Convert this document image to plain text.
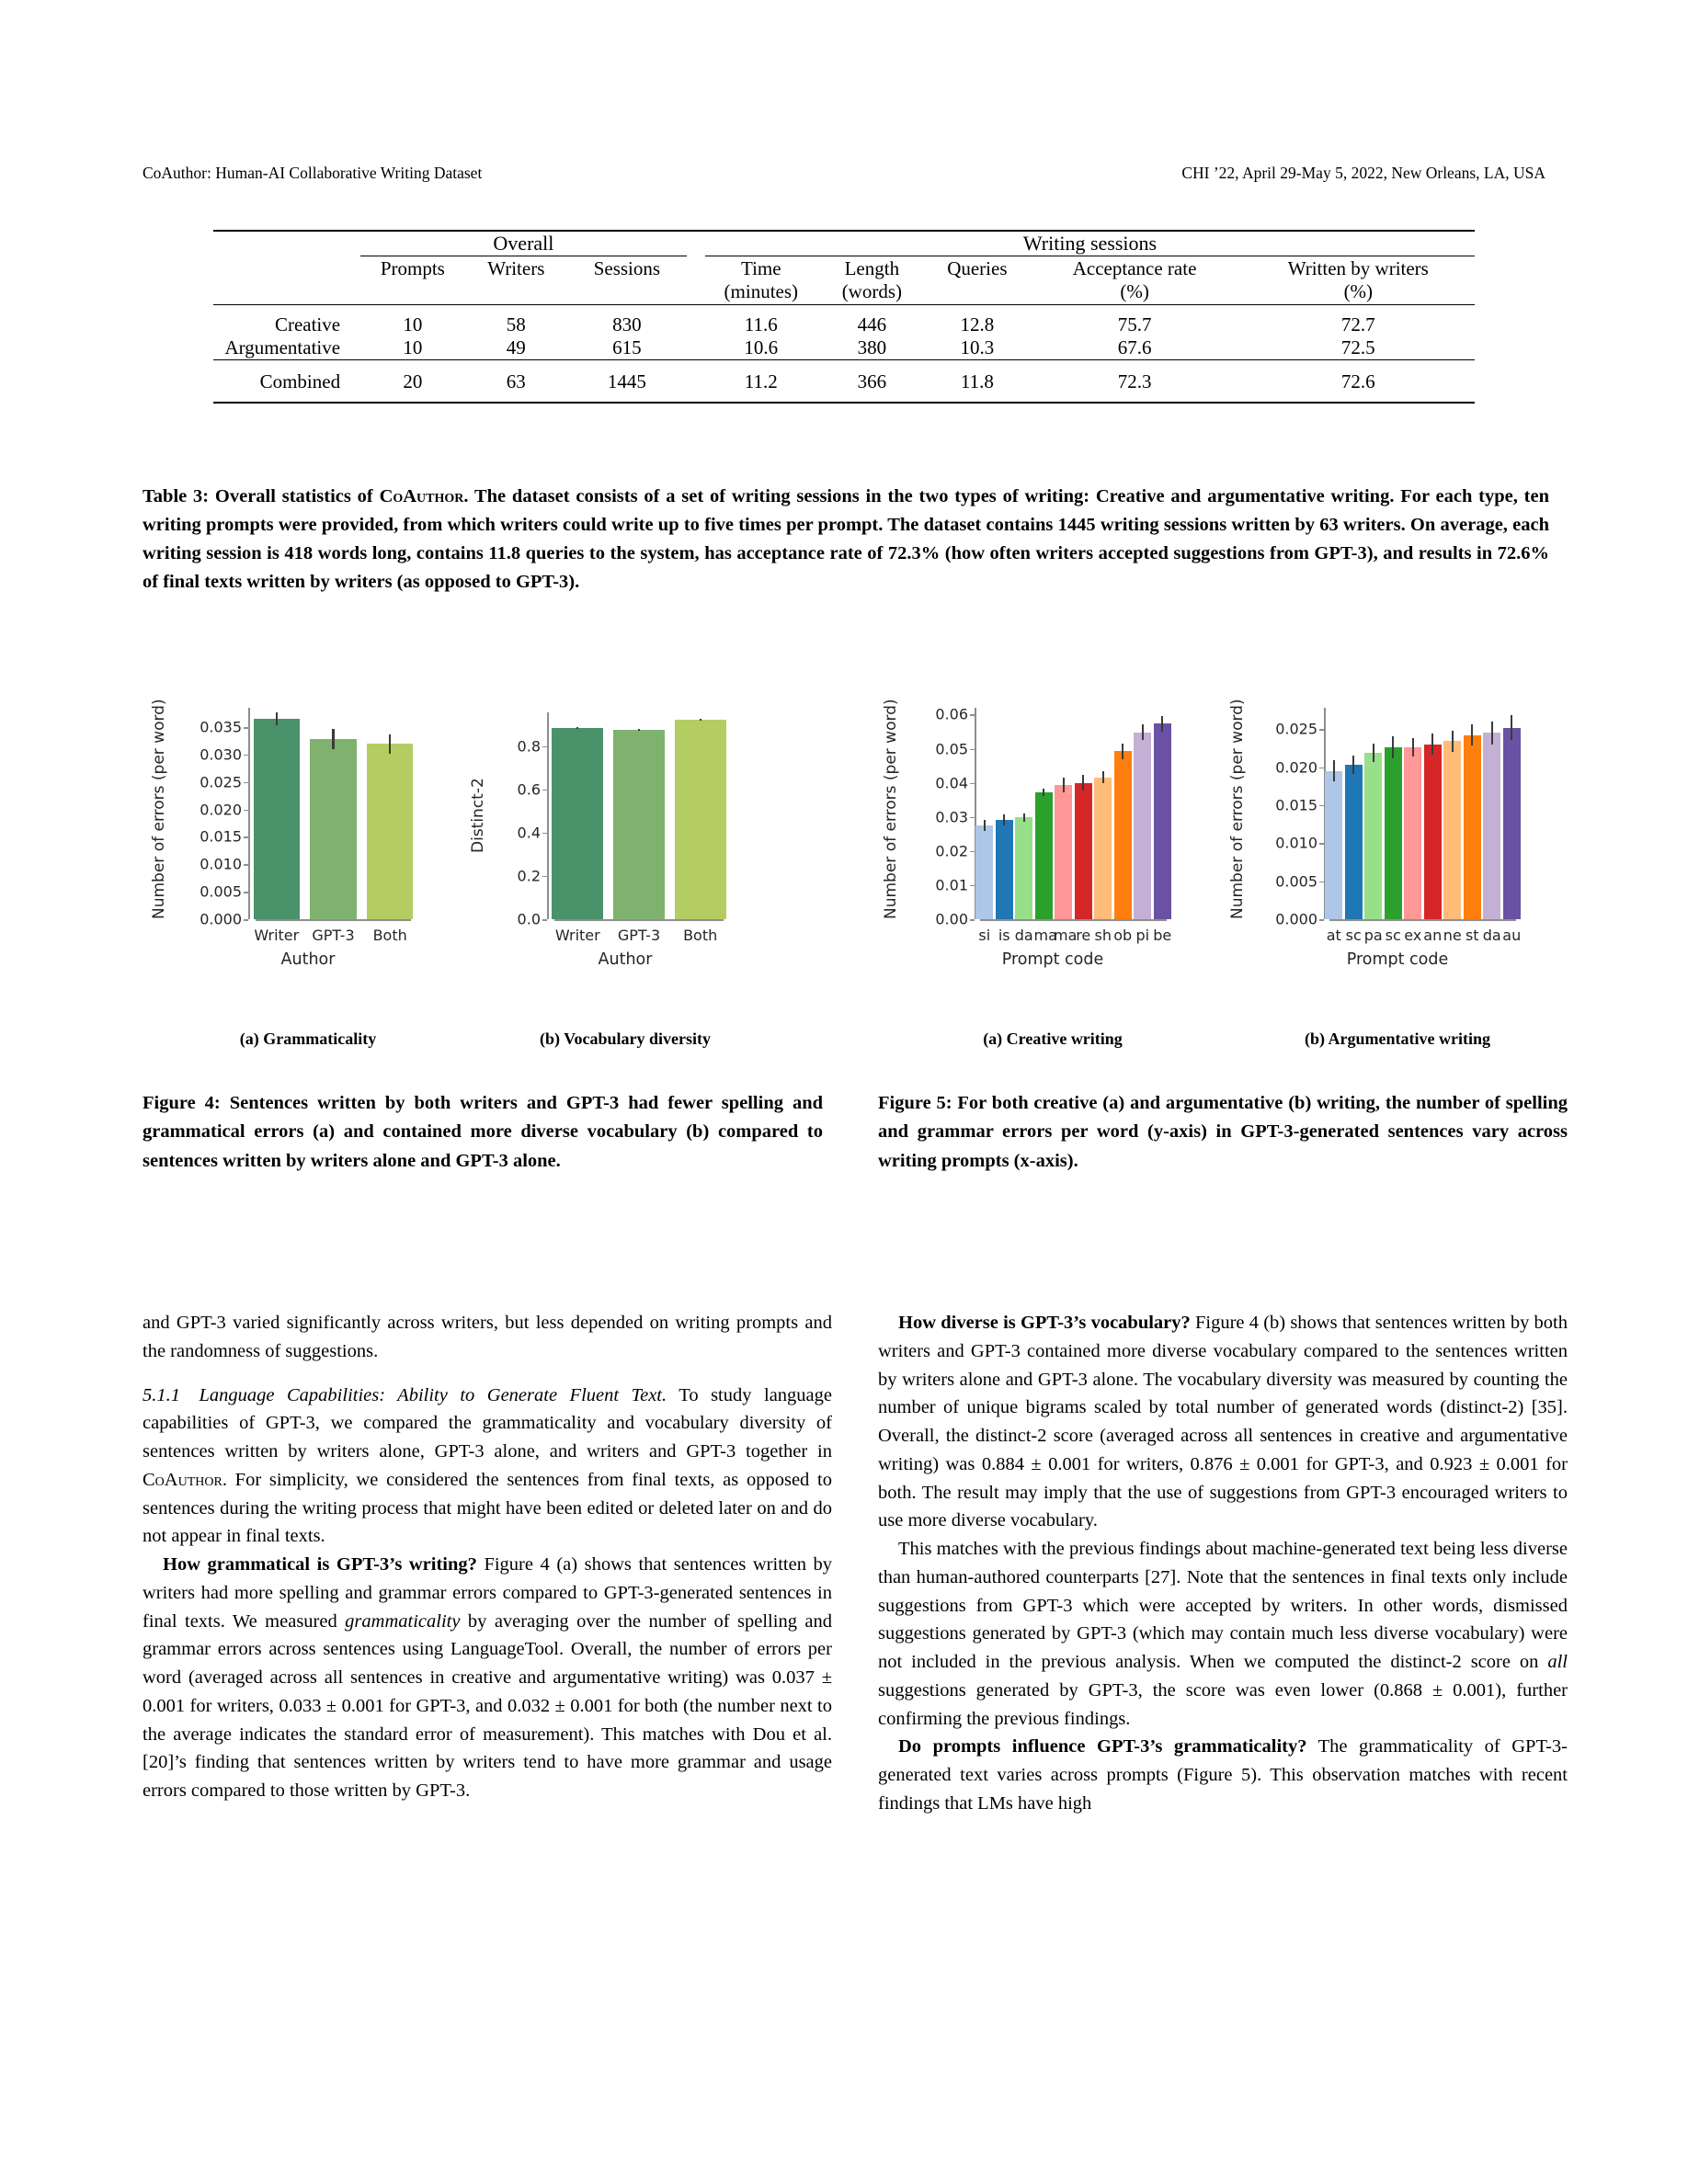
CoAuthor: Human-AI Collaborative Writing Dataset	CHI ’22, April 29-May 5, 2022, New Orleans, LA, USA
	Overall				Writing sessions				

	Prompts	Writers	Sessions		Time	Length	Queries	Acceptance rate	Written by writers
					(minutes)	(words)		(%)	(%)

Creative	10	58	830		11.6	446	12.8	75.7	72.7
Argumentative	10	49	615		10.6	380	10.3	67.6	72.5

Combined	20	63	1445		11.2	366	11.8	72.3	72.6

Table 3: Overall statistics of CoAuthor. The dataset consists of a set of writing sessions in the two types of writing: Creative and argumentative writing. For each type, ten writing prompts were provided, from which writers could write up to five times per prompt. The dataset contains 1445 writing sessions written by 63 writers. On average, each writing session is 418 words long, contains 11.8 queries to the system, has acceptance rate of 72.3% (how often writers accepted suggestions from GPT-3), and results in 72.6% of final texts written by writers (as opposed to GPT-3).
Number of errors (per word)	0.000
0.005
0.010
0.015
0.020
0.025
0.030
0.035
Writer GPT-3	Both
Author
(a) Grammaticality
Distinct-2
0.0
0.2
0.4
0.6
0.8
Writer	GPT-3	Both
Author
(b) Vocabulary diversity
Number of errors (per word)	0.00
0.01
0.02
0.03
0.04
0.05
0.06
si is da ma
ma
re sh ob pi be
Prompt code
(a) Creative writing
Number of errors (per word)	0.000
0.005
0.010
0.015
0.020
0.025
at sc pa sc ex an ne st da au
Prompt code
(b) Argumentative writing
Figure 4: Sentences written by both writers and GPT-3 had fewer spelling and grammatical errors (a) and contained more diverse vocabulary (b) compared to sentences written by writers alone and GPT-3 alone.
Figure 5: For both creative (a) and argumentative (b) writing, the number of spelling and grammar errors per word (y-axis) in GPT-3-generated sentences vary across writing prompts (x-axis).

and GPT-3 varied significantly across writers, but less depended on writing prompts and the randomness of suggestions.

5.1.1  Language Capabilities: Ability to Generate Fluent Text. To study language capabilities of GPT-3, we compared the grammaticality and vocabulary diversity of sentences written by writers alone, GPT-3 alone, and writers and GPT-3 together in CoAuthor. For simplicity, we considered the sentences from final texts, as opposed to sentences during the writing process that might have been edited or deleted later on and do not appear in final texts.

How grammatical is GPT-3’s writing? Figure 4 (a) shows that sentences written by writers had more spelling and grammar errors compared to GPT-3-generated sentences in final texts. We measured grammaticality by averaging over the number of spelling and grammar errors across sentences using LanguageTool. Overall, the number of errors per word (averaged across all sentences in creative and argumentative writing) was 0.037 ± 0.001 for writers, 0.033 ± 0.001 for GPT-3, and 0.032 ± 0.001 for both (the number next to the average indicates the standard error of measurement). This matches with Dou et al. [20]’s finding that sentences written by writers tend to have more grammar and usage errors compared to those written by GPT-3.

How diverse is GPT-3’s vocabulary? Figure 4 (b) shows that sentences written by both writers and GPT-3 contained more diverse vocabulary compared to the sentences written by writers alone and GPT-3 alone. The vocabulary diversity was measured by counting the number of unique bigrams scaled by total number of generated words (distinct-2) [35]. Overall, the distinct-2 score (averaged across all sentences in creative and argumentative writing) was 0.884 ± 0.001 for writers, 0.876 ± 0.001 for GPT-3, and 0.923 ± 0.001 for both. The result may imply that the use of suggestions from GPT-3 encouraged writers to use more diverse vocabulary.

This matches with the previous findings about machine-generated text being less diverse than human-authored counterparts [27]. Note that the sentences in final texts only include suggestions from GPT-3 which were accepted by writers. In other words, dismissed suggestions generated by GPT-3 (which may contain much less diverse vocabulary) were not included in the previous analysis. When we computed the distinct-2 score on all suggestions generated by GPT-3, the score was even lower (0.868 ± 0.001), further confirming the previous findings.

Do prompts influence GPT-3’s grammaticality? The grammaticality of GPT-3-generated text varies across prompts (Figure 5). This observation matches with recent findings that LMs have high
